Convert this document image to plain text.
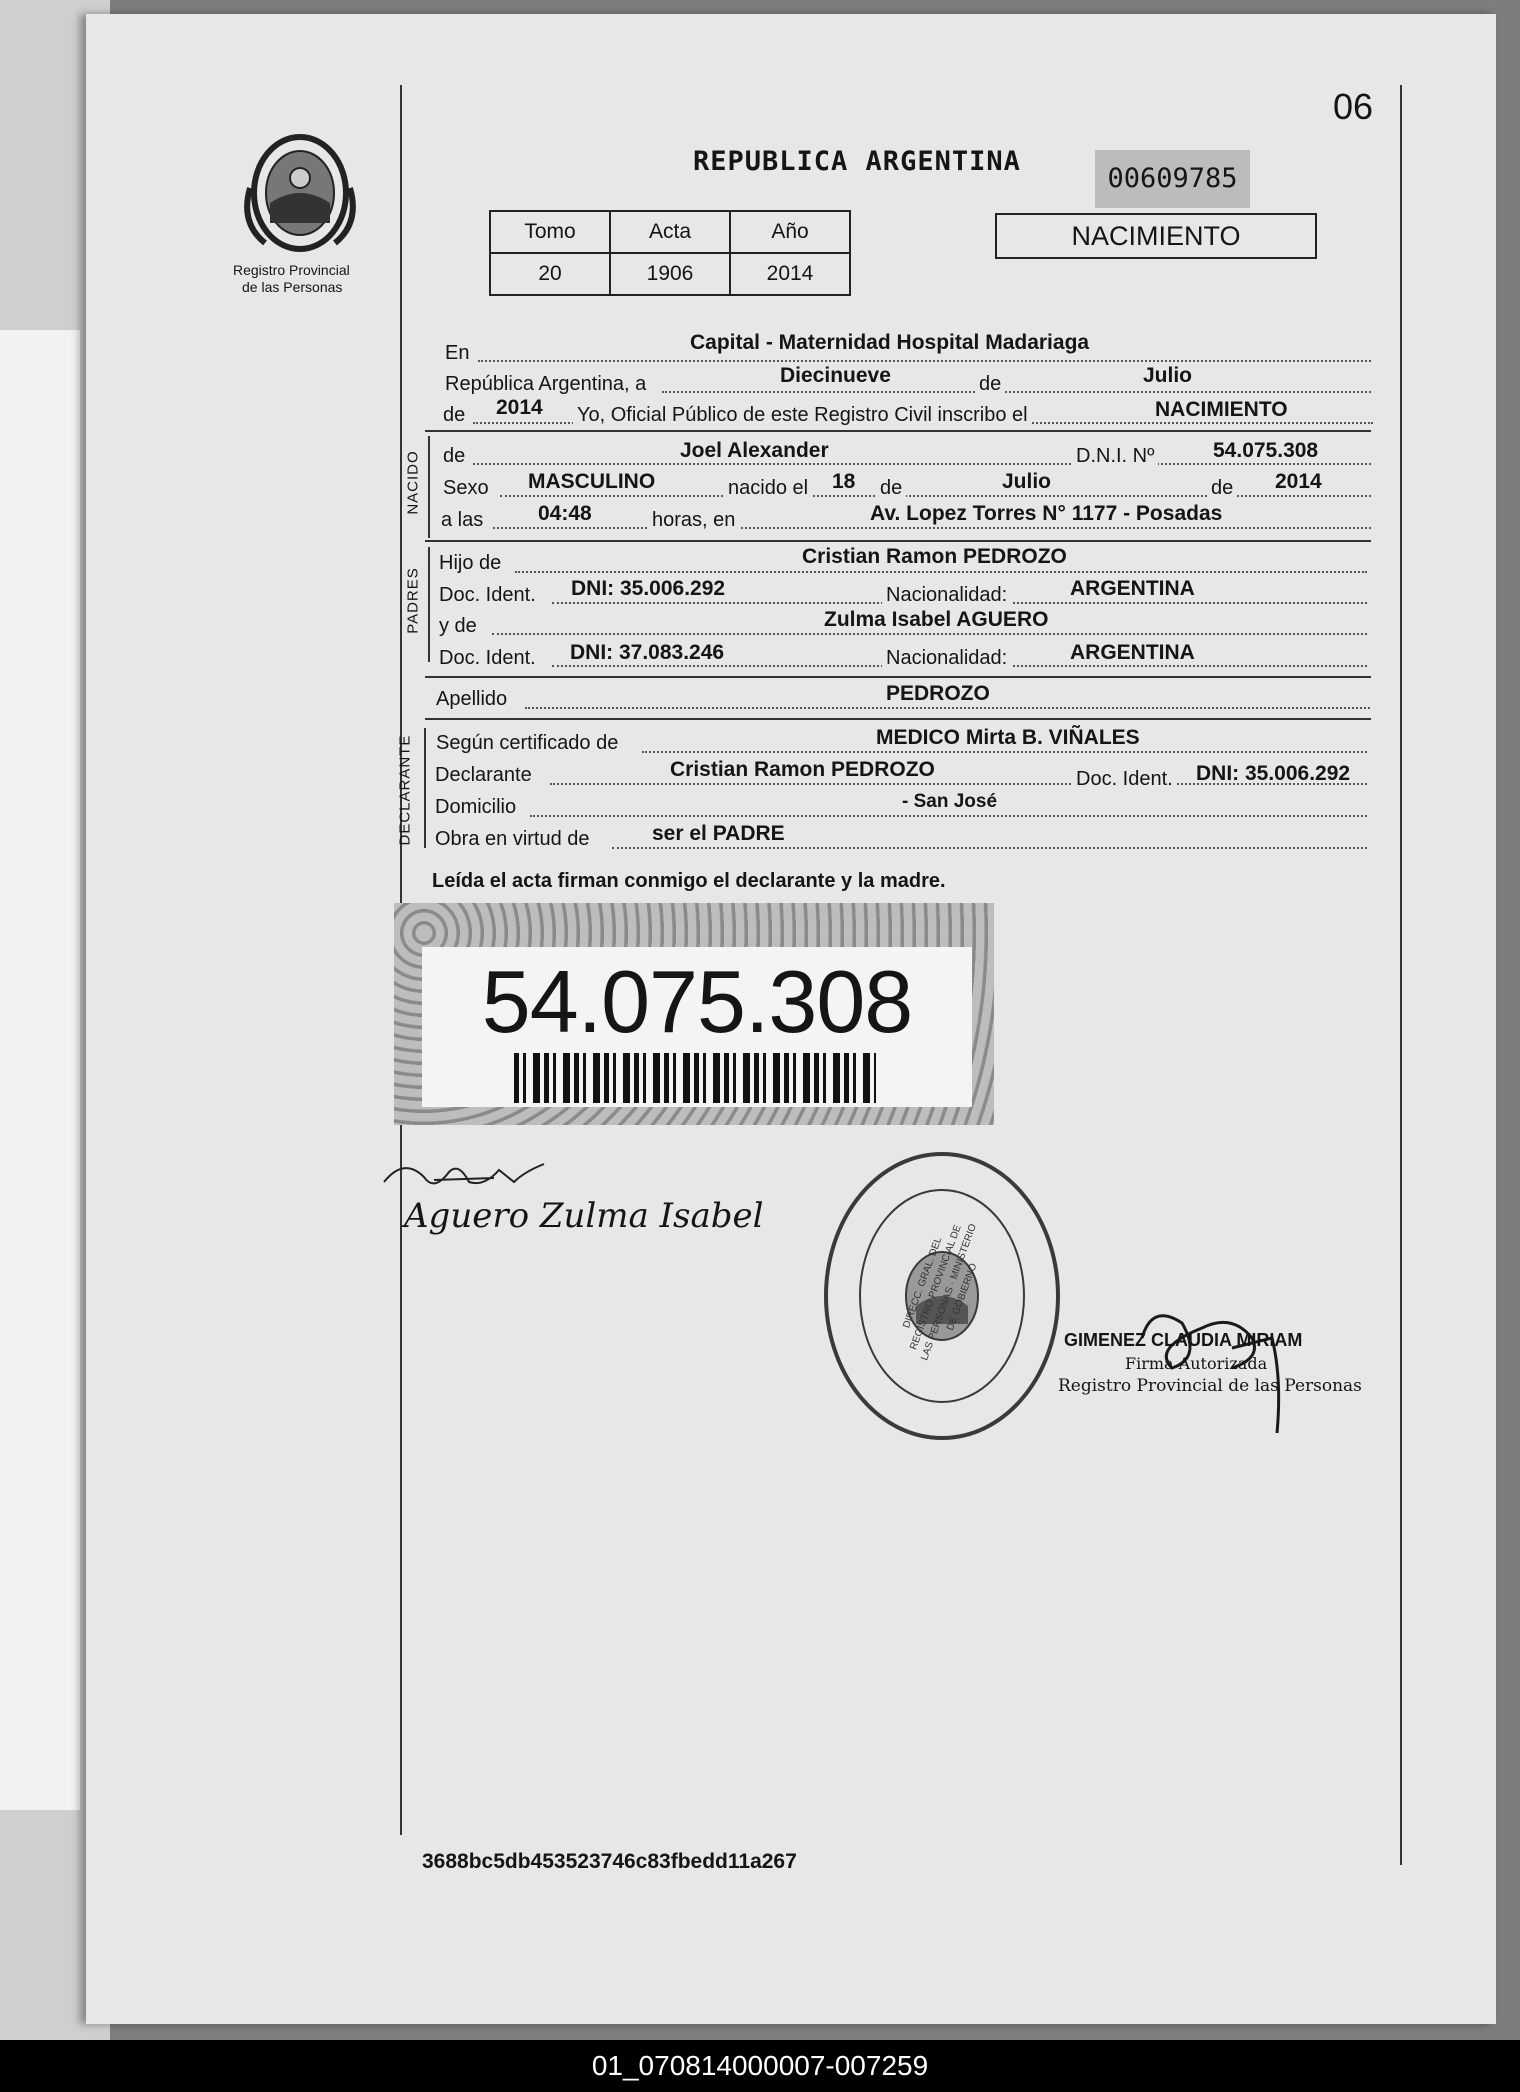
06
Registro Provincial
de las Personas
REPUBLICA ARGENTINA
00609785
Tomo	Acta	Año
20	1906	2014
NACIMIENTO
En	Capital - Maternidad Hospital Madariaga
República Argentina, a	Diecinueve	de	Julio
de 2014 Yo, Oficial Público de este Registro Civil inscribo el	NACIMIENTO
NACIDO de	Joel Alexander	D.N.I. Nº	54.075.308
Sexo MASCULINO	nacido el 18 de	Julio	de 2014
a las	04:48	horas, en	Av. Lopez Torres N° 1177 - Posadas
PADRES
Hijo de	Cristian Ramon PEDROZO
Doc. Ident. DNI: 35.006.292	Nacionalidad:	ARGENTINA
y de	Zulma Isabel AGUERO
Doc. Ident. DNI: 37.083.246	Nacionalidad:	ARGENTINA
Apellido	PEDROZO
DECLARANTE Según certificado de	MEDICO Mirta B. VIÑALES
Declarante	Cristian Ramon PEDROZO	Doc. Ident. DNI: 35.006.292
Domicilio	- San José
Obra en virtud de	ser el PADRE
Leída el acta firman conmigo el declarante y la madre.
54.075.308
Aguero Zulma Isabel
DIRECC. GRAL. DEL REGISTRO PROVINCIAL DE LAS PERSONAS · MINISTERIO DE GOBIERNO
GIMENEZ CLAUDIA MIRIAM
Firma Autorizada
Registro Provincial de las Personas
3688bc5db453523746c83fbedd11a267
01_070814000007-007259
